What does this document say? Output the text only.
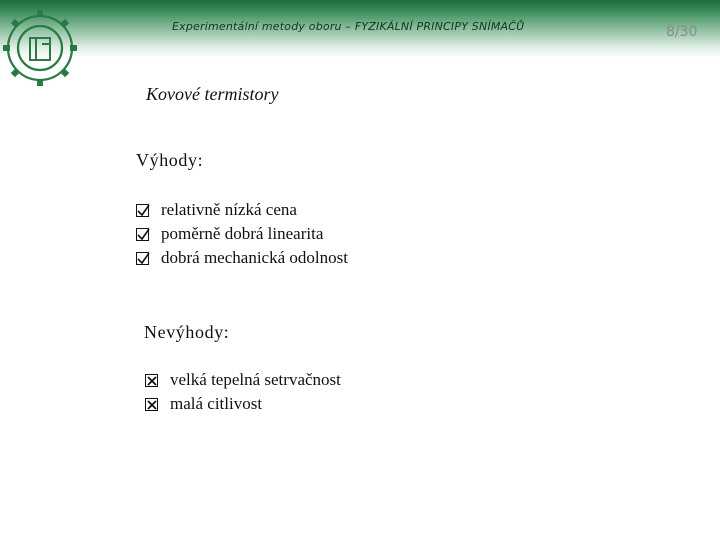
Experimentální metody oboru – FYZIKÁLNÍ PRINCIPY SNÍMAČŮ	8/30
Kovové termistory
Výhody:
relativně nízká cena
poměrně dobrá linearita
dobrá mechanická odolnost
Nevýhody:
velká tepelná setrvačnost
malá citlivost
